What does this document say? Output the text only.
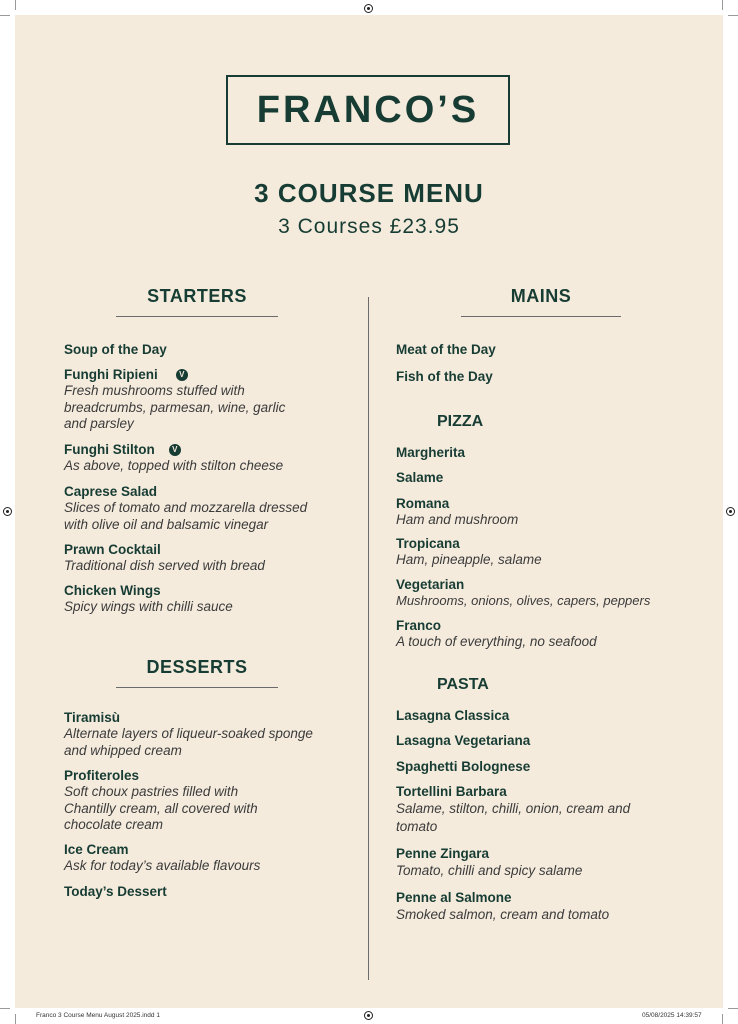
FRANCO’S
3 COURSE MENU
3 Courses £23.95
STARTERS
Soup of the Day
Funghi Ripieni	V
Fresh mushrooms stuffed with
breadcrumbs, parmesan, wine, garlic
and parsley
Funghi Stilton	V
As above, topped with stilton cheese
Caprese Salad
Slices of tomato and mozzarella dressed
with olive oil and balsamic vinegar
Prawn Cocktail
Traditional dish served with bread
Chicken Wings
Spicy wings with chilli sauce
DESSERTS
Tiramisù
Alternate layers of liqueur-soaked sponge
and whipped cream
Profiteroles
Soft choux pastries filled with
Chantilly cream, all covered with
chocolate cream
Ice Cream
Ask for today’s available flavours
Today’s Dessert
MAINS
Meat of the Day
Fish of the Day
PIZZA
Margherita
Salame
Romana
Ham and mushroom
Tropicana
Ham, pineapple, salame
Vegetarian
Mushrooms, onions, olives, capers, peppers
Franco
A touch of everything, no seafood
PASTA
Lasagna Classica
Lasagna Vegetariana
Spaghetti Bolognese
Tortellini Barbara
Salame, stilton, chilli, onion, cream and
tomato
Penne Zingara
Tomato, chilli and spicy salame
Penne al Salmone
Smoked salmon, cream and tomato
Franco 3 Course Menu August 2025.indd 1	05/08/2025 14:39:57
